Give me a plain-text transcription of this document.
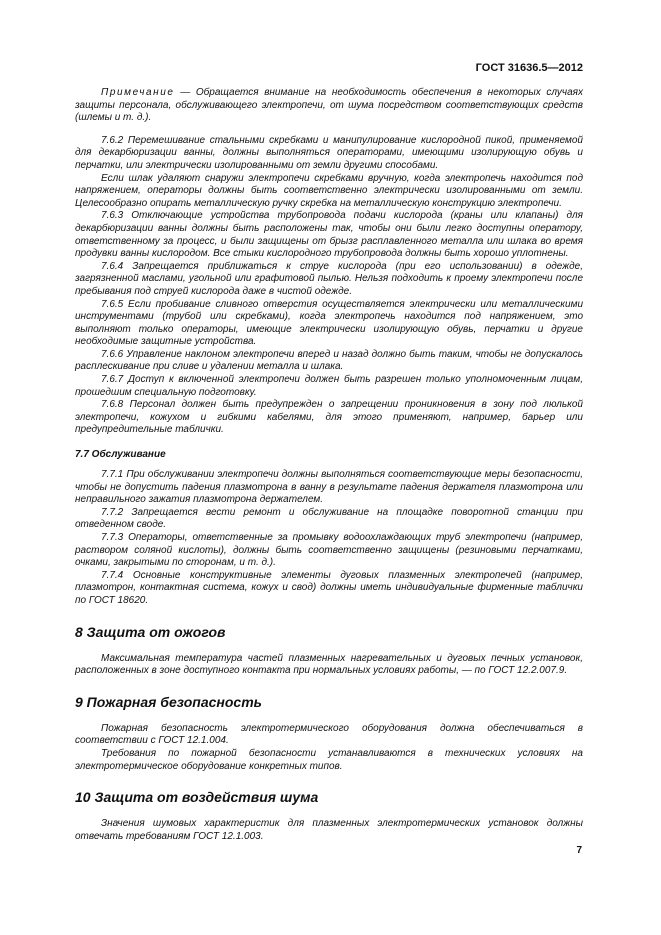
ГОСТ 31636.5—2012

Примечание — Обращается внимание на необходимость обеспечения в некоторых случаях защиты персонала, обслуживающего электропечи, от шума посредством соответствующих средств (шлемы и т. д.).

7.6.2 Перемешивание стальными скребками и манипулирование кислородной пикой, применяемой для декарбюризации ванны, должны выполняться операторами, имеющими изолирующую обувь и перчатки, или электрически изолированными от земли другими способами.

Если шлак удаляют снаружи электропечи скребками вручную, когда электропечь находится под напряжением, операторы должны быть соответственно электрически изолированными от земли. Целесообразно опирать металлическую ручку скребка на металлическую конструкцию электропечи.

7.6.3 Отключающие устройства трубопровода подачи кислорода (краны или клапаны) для декарбюризации ванны должны быть расположены так, чтобы они были легко доступны оператору, ответственному за процесс, и были защищены от брызг расплавленного металла или шлака во время продувки ванны кислородом. Все стыки кислородного трубопровода должны быть хорошо уплотнены.

7.6.4 Запрещается приближаться к струе кислорода (при его использовании) в одежде, загрязненной маслами, угольной или графитовой пылью. Нельзя подходить к проему электропечи после пребывания под струей кислорода даже в чистой одежде.

7.6.5 Если пробивание сливного отверстия осуществляется электрически или металлическими инструментами (трубой или скребками), когда электропечь находится под напряжением, это выполняют только операторы, имеющие электрически изолирующую обувь, перчатки и другие необходимые защитные устройства.

7.6.6 Управление наклоном электропечи вперед и назад должно быть таким, чтобы не допускалось расплескивание при сливе и удалении металла и шлака.

7.6.7 Доступ к включенной электропечи должен быть разрешен только уполномоченным лицам, прошедшим специальную подготовку.

7.6.8 Персонал должен быть предупрежден о запрещении проникновения в зону под люлькой электропечи, кожухом и гибкими кабелями, для этого применяют, например, барьер или предупредительные таблички.

7.7 Обслуживание

7.7.1 При обслуживании электропечи должны выполняться соответствующие меры безопасности, чтобы не допустить падения плазмотрона в ванну в результате падения держателя плазмотрона или неправильного зажатия плазмотрона держателем.

7.7.2 Запрещается вести ремонт и обслуживание на площадке поворотной станции при отведенном своде.

7.7.3 Операторы, ответственные за промывку водоохлаждающих труб электропечи (например, раствором соляной кислоты), должны быть соответственно защищены (резиновыми перчатками, очками, закрытыми по сторонам, и т. д.).

7.7.4 Основные конструктивные элементы дуговых плазменных электропечей (например, плазмотрон, контактная система, кожух и свод) должны иметь индивидуальные фирменные таблички по ГОСТ 18620.

8 Защита от ожогов

Максимальная температура частей плазменных нагревательных и дуговых печных установок, расположенных в зоне доступного контакта при нормальных условиях работы, — по ГОСТ 12.2.007.9.

9 Пожарная безопасность

Пожарная безопасность электротермического оборудования должна обеспечиваться в соответствии с ГОСТ 12.1.004.

Требования по пожарной безопасности устанавливаются в технических условиях на электротермическое оборудование конкретных типов.

10 Защита от воздействия шума

Значения шумовых характеристик для плазменных электротермических установок должны отвечать требованиям ГОСТ 12.1.003.

7
